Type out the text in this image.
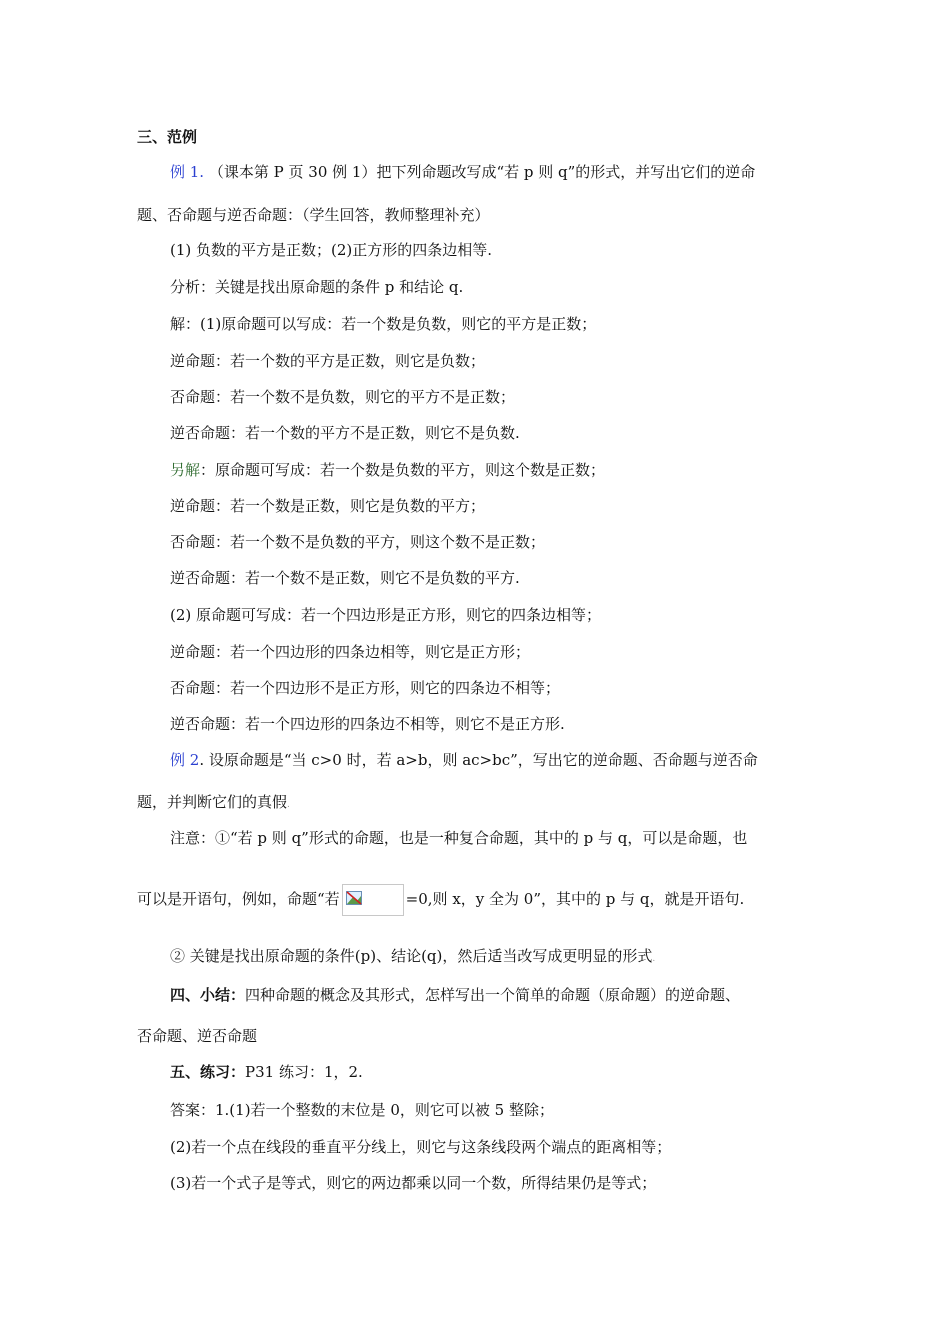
三、范例
例 1. （课本第 P 页 30 例 1）把下列命题改写成“若 p 则 q”的形式，并写出它们的逆命
题、否命题与逆否命题：（学生回答，教师整理补充）
(1) 负数的平方是正数；(2)正方形的四条边相等.
分析：关键是找出原命题的条件 p 和结论 q.
解：(1)原命题可以写成：若一个数是负数，则它的平方是正数；
逆命题：若一个数的平方是正数，则它是负数；
否命题：若一个数不是负数，则它的平方不是正数；
逆否命题：若一个数的平方不是正数，则它不是负数.
另解：原命题可写成：若一个数是负数的平方，则这个数是正数；
逆命题：若一个数是正数，则它是负数的平方；
否命题：若一个数不是负数的平方，则这个数不是正数；
逆否命题：若一个数不是正数，则它不是负数的平方.
(2) 原命题可写成：若一个四边形是正方形，则它的四条边相等；
逆命题：若一个四边形的四条边相等，则它是正方形；
否命题：若一个四边形不是正方形，则它的四条边不相等；
逆否命题：若一个四边形的四条边不相等，则它不是正方形.
例 2. 设原命题是“当 c>0 时，若 a>b，则 ac>bc”，写出它的逆命题、否命题与逆否命
题，并判断它们的真假.
注意：①“若 p 则 q”形式的命题，也是一种复合命题，其中的 p 与 q，可以是命题，也
可以是开语句，例如，命题“若	=0,则 x，y 全为 0”，其中的 p 与 q，就是开语句.
② 关键是找出原命题的条件(p)、结论(q)，然后适当改写成更明显的形式.
四、小结：四种命题的概念及其形式，怎样写出一个简单的命题（原命题）的逆命题、
否命题、逆否命题
五、练习：P31 练习：1，2.
答案：1.(1)若一个整数的末位是 0，则它可以被 5 整除；
(2)若一个点在线段的垂直平分线上，则它与这条线段两个端点的距离相等；
(3)若一个式子是等式，则它的两边都乘以同一个数，所得结果仍是等式；
